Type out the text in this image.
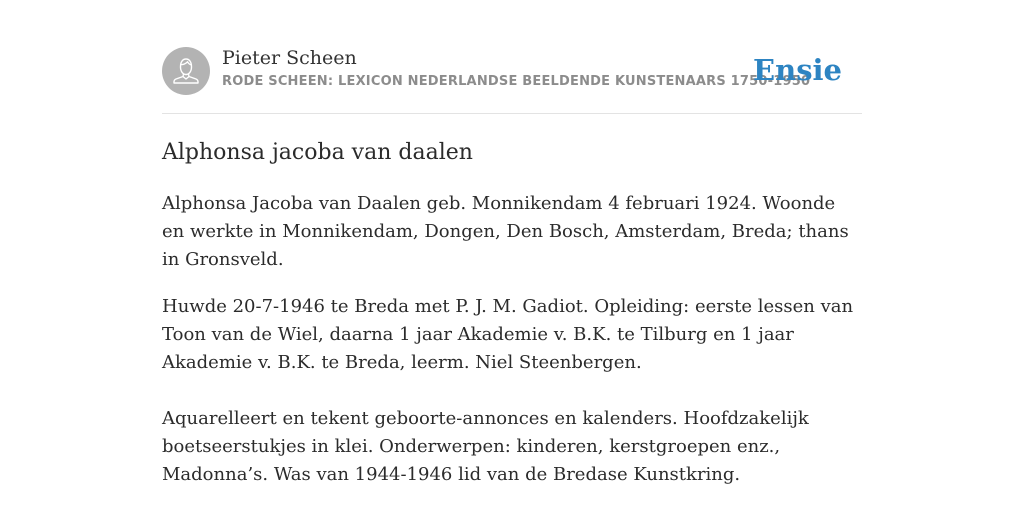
Pieter Scheen
RODE SCHEEN: LEXICON NEDERLANDSE BEELDENDE KUNSTENAARS 1750-1950
Ensie
Alphonsa jacoba van daalen

Alphonsa Jacoba van Daalen geb. Monnikendam 4 februari 1924. Woonde en werkte in Monnikendam, Dongen, Den Bosch, Amsterdam, Breda; thans in Gronsveld.

Huwde 20-7-1946 te Breda met P. J. M. Gadiot. Opleiding: eerste lessen van Toon van de Wiel, daarna 1 jaar Akademie v. B.K. te Tilburg en 1 jaar Akademie v. B.K. te Breda, leerm. Niel Steenbergen.

Aquarelleert en tekent geboorte-annonces en kalenders. Hoofdzakelijk boetseerstukjes in klei. Onderwerpen: kinderen, kerstgroepen enz., Madonna’s. Was van 1944-1946 lid van de Bredase Kunstkring.
